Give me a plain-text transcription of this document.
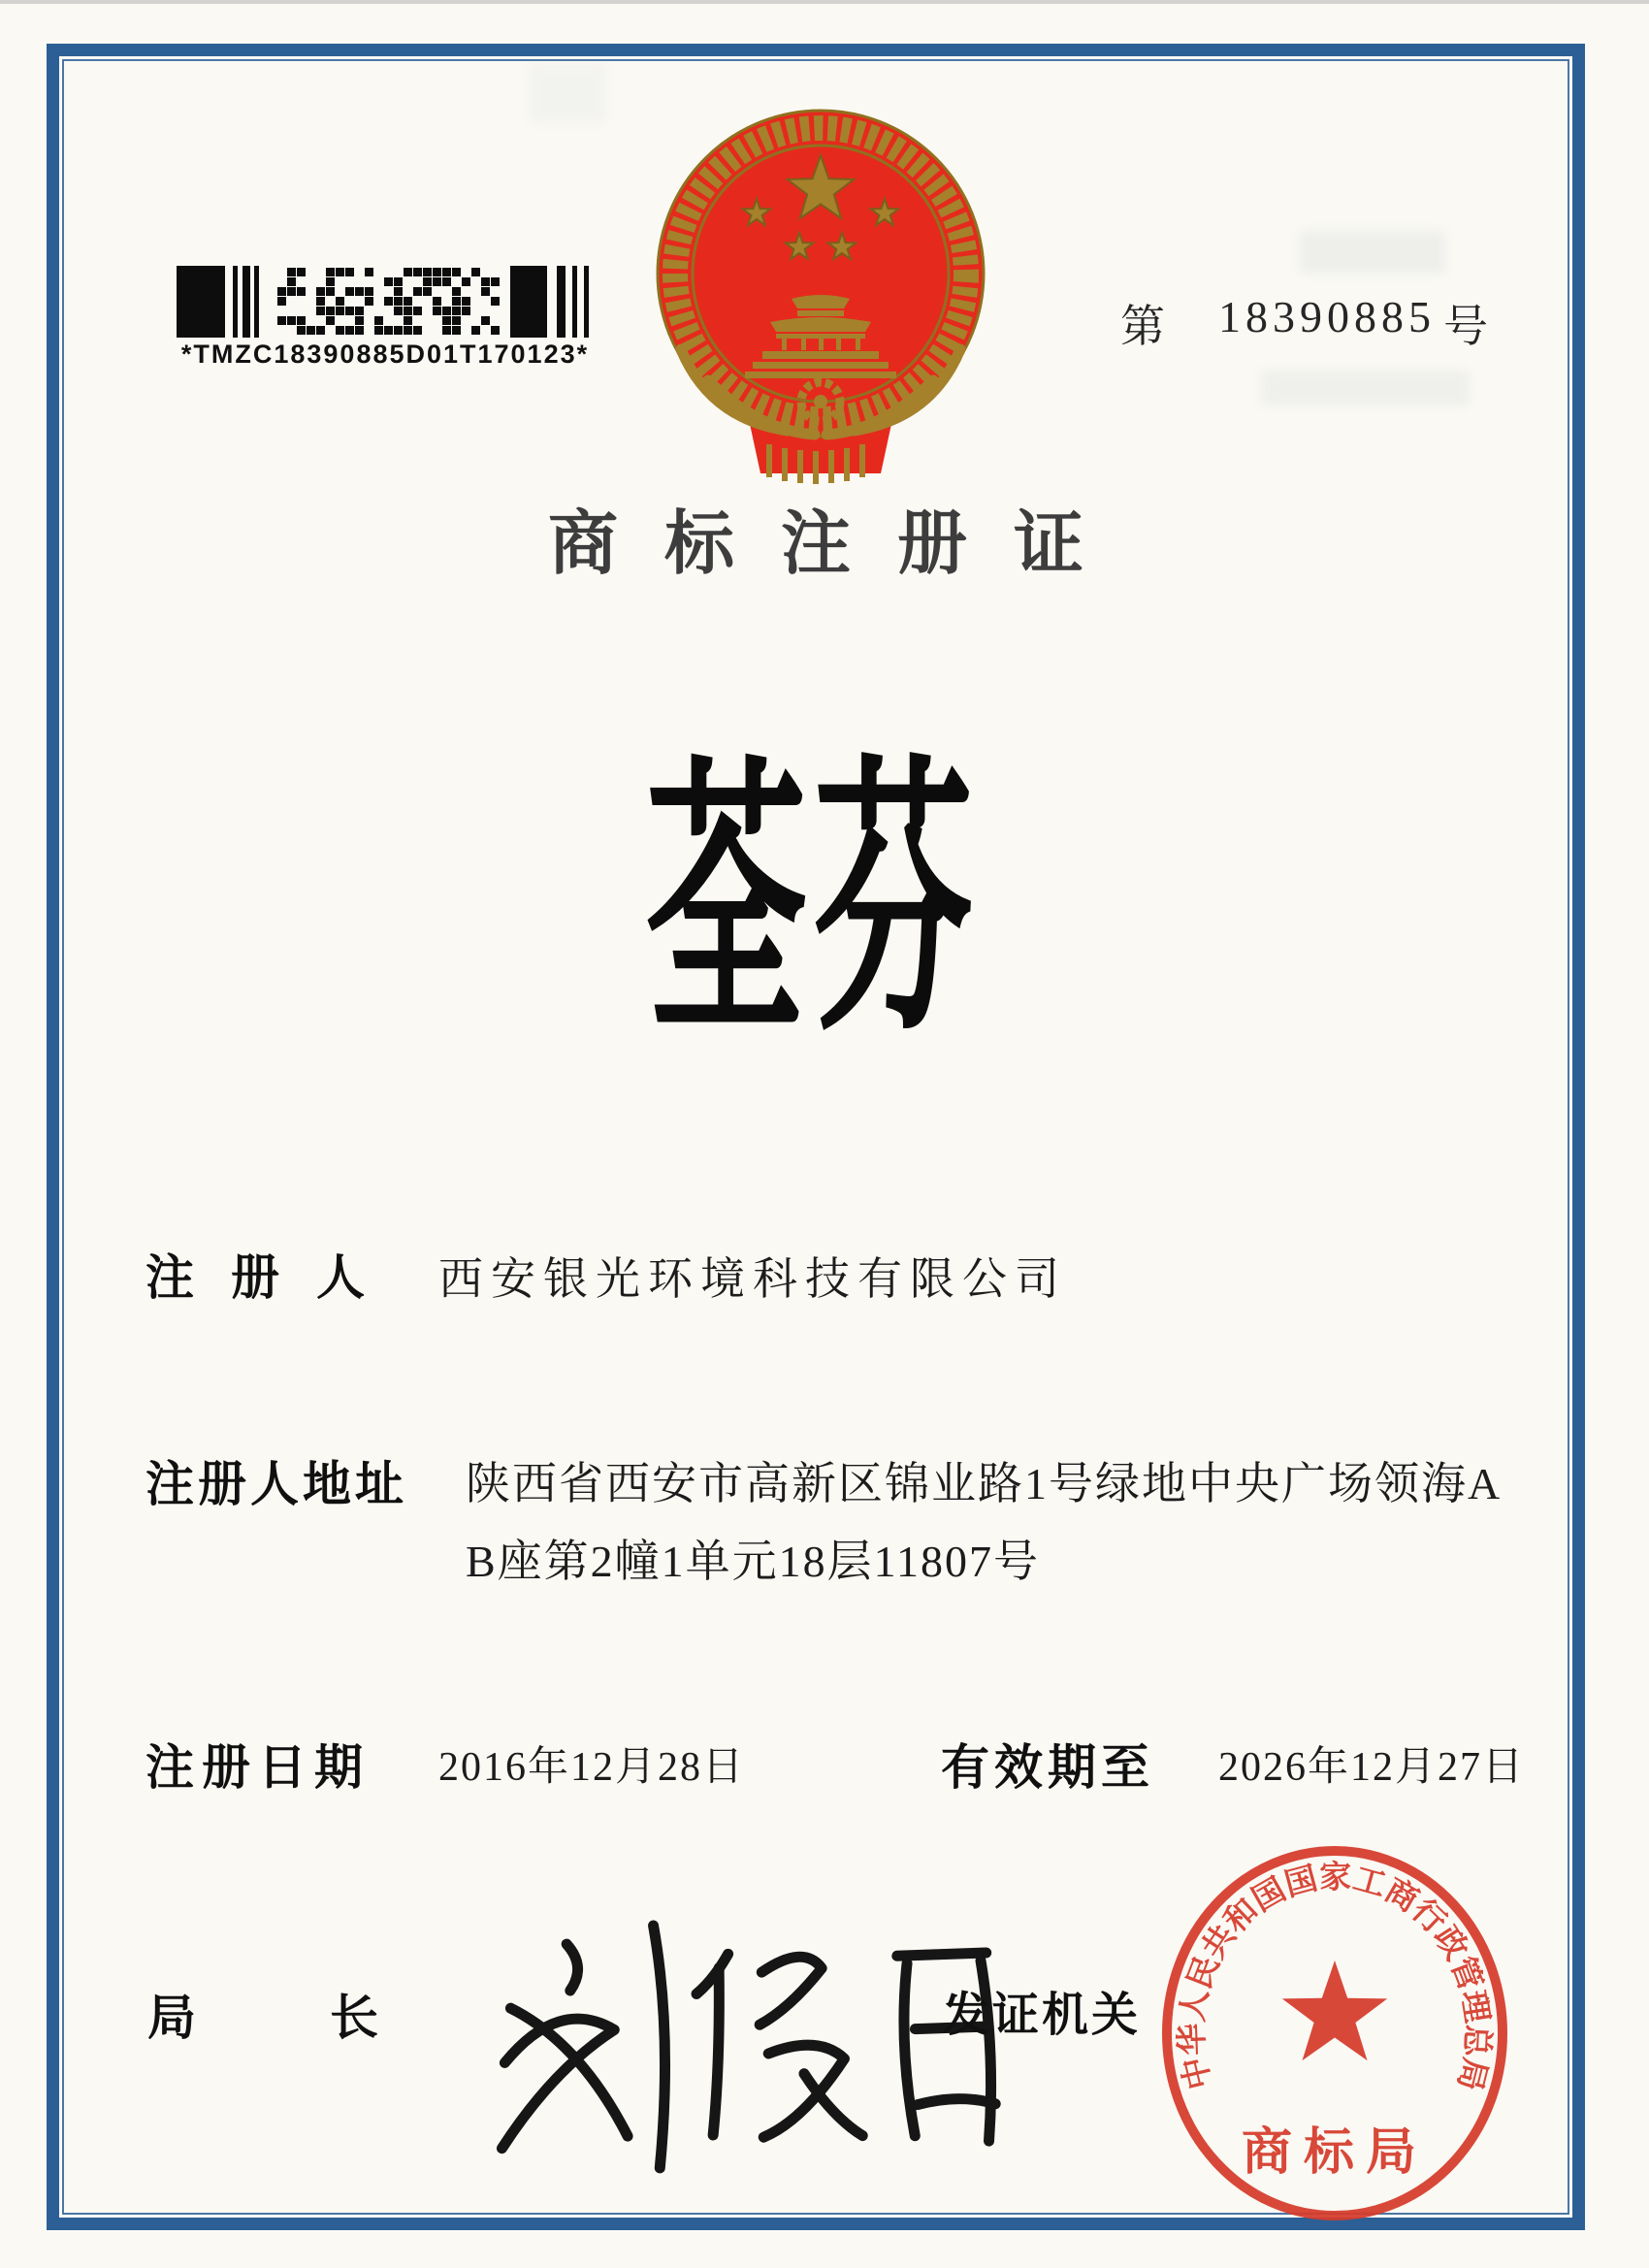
*TMZC18390885D01T170123*
第 18390885 号
商标注册证
荃芬
注册人 西安银光环境科技有限公司
注册人地址 陕西省西安市高新区锦业路1号绿地中央广场领海AB座第2幢1单元18层11807号
注册日期 2016年12月28日	有效期至 2026年12月27日
局长	发证机关
中华人民共和国国家工商行政管理总局
商标局
